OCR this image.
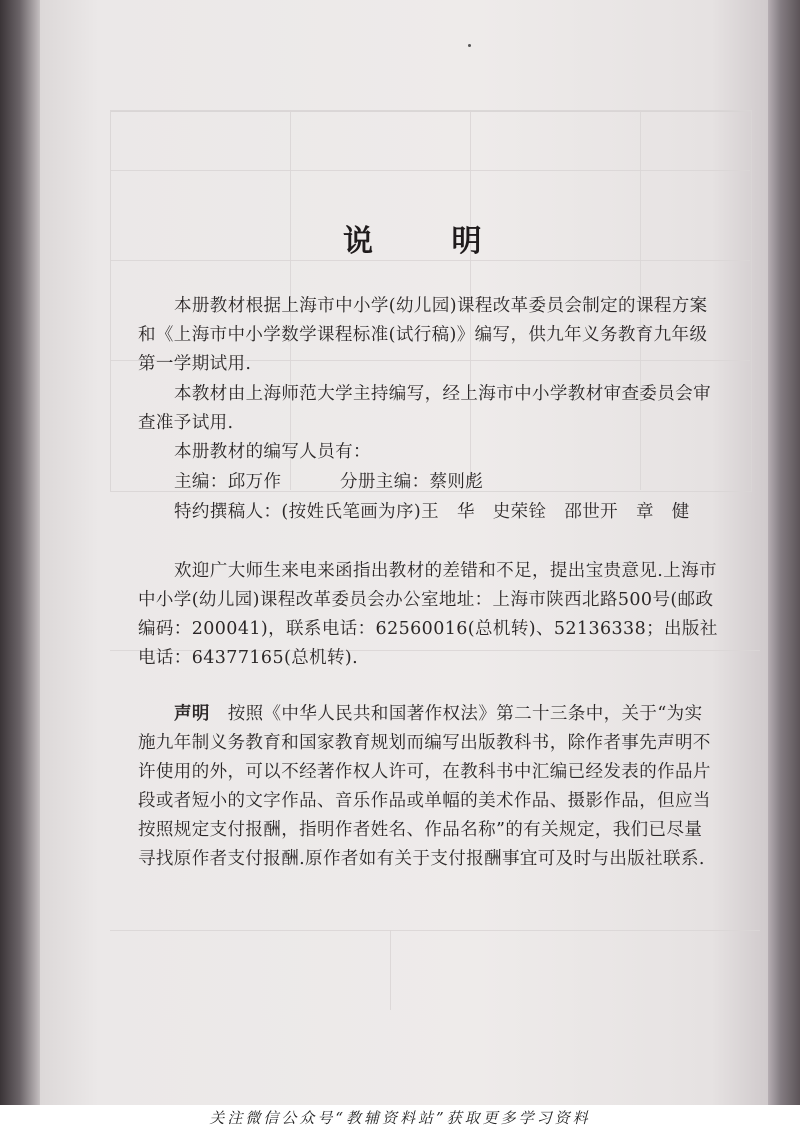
说 明

本册教材根据上海市中小学(幼儿园)课程改革委员会制定的课程方案和《上海市中小学数学课程标准(试行稿)》编写，供九年义务教育九年级第一学期试用.

本教材由上海师范大学主持编写，经上海市中小学教材审查委员会审查准予试用.

本册教材的编写人员有：
主编：邱万作	分册主编：蔡则彪
特约撰稿人：(按姓氏笔画为序)王　华　史荣铨　邵世开　章　健

欢迎广大师生来电来函指出教材的差错和不足，提出宝贵意见.上海市中小学(幼儿园)课程改革委员会办公室地址：上海市陕西北路500号(邮政编码：200041)，联系电话：62560016(总机转)、52136338；出版社电话：64377165(总机转).

声明　 按照《中华人民共和国著作权法》第二十三条中，关于“为实施九年制义务教育和国家教育规划而编写出版教科书，除作者事先声明不许使用的外，可以不经著作权人许可，在教科书中汇编已经发表的作品片段或者短小的文字作品、音乐作品或单幅的美术作品、摄影作品，但应当按照规定支付报酬，指明作者姓名、作品名称”的有关规定，我们已尽量寻找原作者支付报酬.原作者如有关于支付报酬事宜可及时与出版社联系.

关注微信公众号“教辅资料站”获取更多学习资料
